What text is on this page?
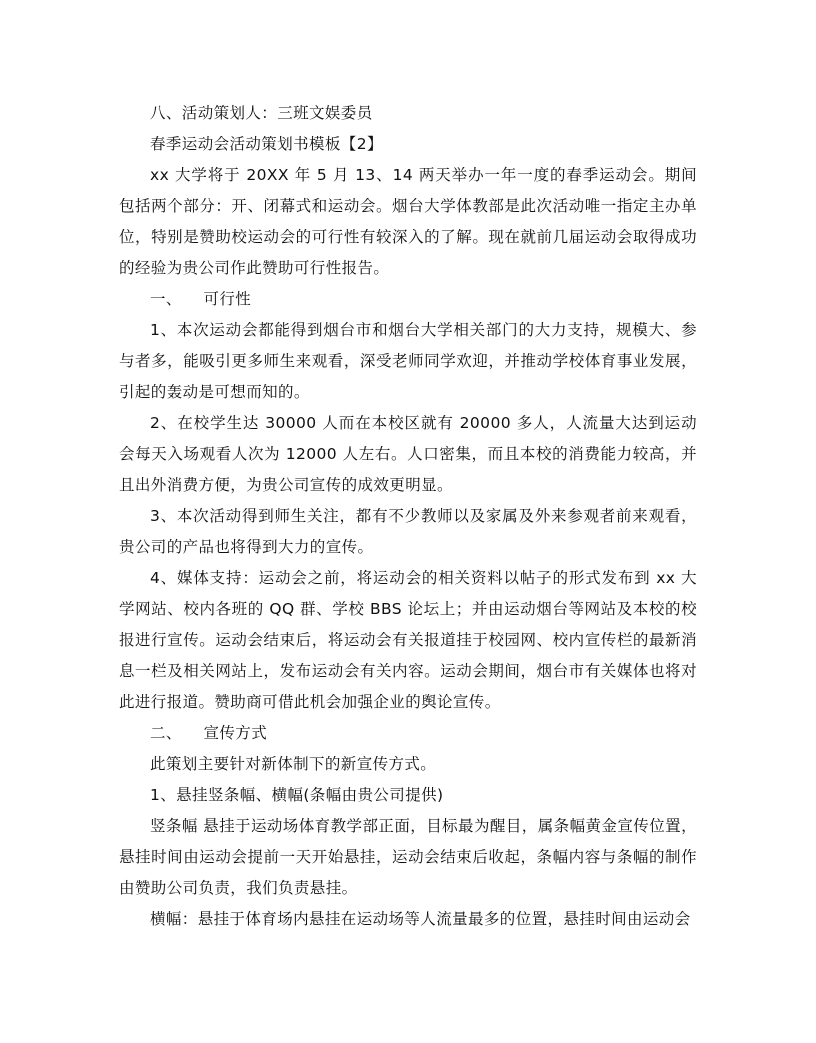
八、活动策划人：三班文娱委员

春季运动会活动策划书模板【2】

xx 大学将于 20XX 年 5 月 13、14 两天举办一年一度的春季运动会。期间包括两个部分：开、闭幕式和运动会。烟台大学体教部是此次活动唯一指定主办单位，特别是赞助校运动会的可行性有较深入的了解。现在就前几届运动会取得成功的经验为贵公司作此赞助可行性报告。

一、 可行性

1、本次运动会都能得到烟台市和烟台大学相关部门的大力支持，规模大、参与者多，能吸引更多师生来观看，深受老师同学欢迎，并推动学校体育事业发展，引起的轰动是可想而知的。

2、在校学生达 30000 人而在本校区就有 20000 多人，人流量大达到运动会每天入场观看人次为 12000 人左右。人口密集，而且本校的消费能力较高，并且出外消费方便，为贵公司宣传的成效更明显。

3、本次活动得到师生关注，都有不少教师以及家属及外来参观者前来观看，贵公司的产品也将得到大力的宣传。

4、媒体支持：运动会之前，将运动会的相关资料以帖子的形式发布到 xx 大学网站、校内各班的 QQ 群、学校 BBS 论坛上；并由运动烟台等网站及本校的校报进行宣传。运动会结束后，将运动会有关报道挂于校园网、校内宣传栏的最新消息一栏及相关网站上，发布运动会有关内容。运动会期间，烟台市有关媒体也将对此进行报道。赞助商可借此机会加强企业的舆论宣传。

二、 宣传方式

此策划主要针对新体制下的新宣传方式。

1、悬挂竖条幅、横幅(条幅由贵公司提供)

竖条幅 悬挂于运动场体育教学部正面，目标最为醒目，属条幅黄金宣传位置，悬挂时间由运动会提前一天开始悬挂，运动会结束后收起，条幅内容与条幅的制作由赞助公司负责，我们负责悬挂。

横幅：悬挂于体育场内悬挂在运动场等人流量最多的位置，悬挂时间由运动会
